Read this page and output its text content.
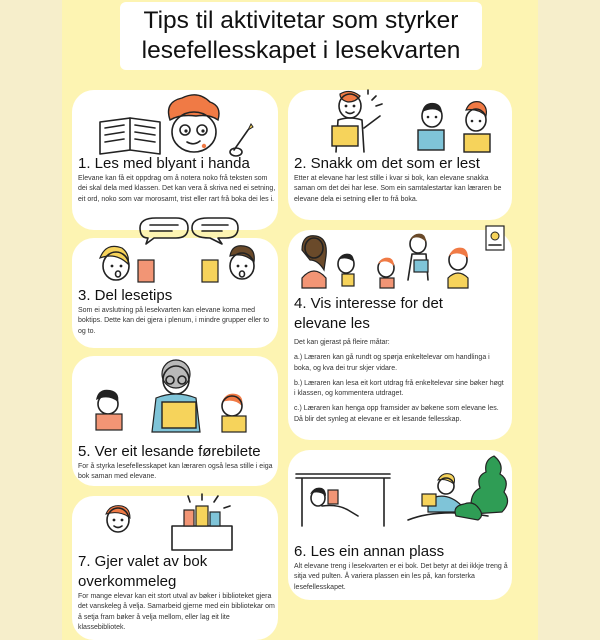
Tips til aktivitetar som styrker
lesefellesskapet i lesekvarten
1. Les med blyant i handa

Elevane kan få eit oppdrag om å notera noko frå teksten som dei skal dela med klassen. Det kan vera å skriva ned ei setning, eit ord, noko som var morosamt, trist eller rart frå boka dei les i.

2. Snakk om det som er lest

Etter at elevane har lest stille i kvar si bok, kan elevane snakka saman om det dei har lese. Som ein samtalestartar kan læraren be elevane dela ei setning eller to frå boka.

3. Del lesetips

Som ei avslutning på lesekvarten kan elevane koma med boktips. Dette kan dei gjera i plenum, i mindre grupper eller to og to.

4. Vis interesse for det elevane les

Det kan gjerast på fleire måtar:

a.) Læraren kan gå rundt og spørja enkeltelevar om handlinga i boka, og kva dei trur skjer vidare.

b.) Læraren kan lesa eit kort utdrag frå enkeltelevar sine bøker høgt i klassen, og kommentera utdraget.

c.) Læraren kan henga opp framsider av bøkene som elevane les. Då blir det synleg at elevane er eit lesande fellesskap.

5. Ver eit lesande førebilete

For å styrka lesefellesskapet kan læraren også lesa stille i eiga bok saman med elevane.

6. Les ein annan plass

Alt elevane treng i lesekvarten er ei bok. Det betyr at dei ikkje treng å sitja ved pulten. Å variera plassen ein les på, kan forsterka lesefellesskapet.

7. Gjer valet av bok overkommeleg

For mange elevar kan eit stort utval av bøker i biblioteket gjera det vanskeleg å velja. Samarbeid gjerne med ein bibliotekar om å setja fram bøker å velja mellom, eller lag eit lite klassebibliotek.
